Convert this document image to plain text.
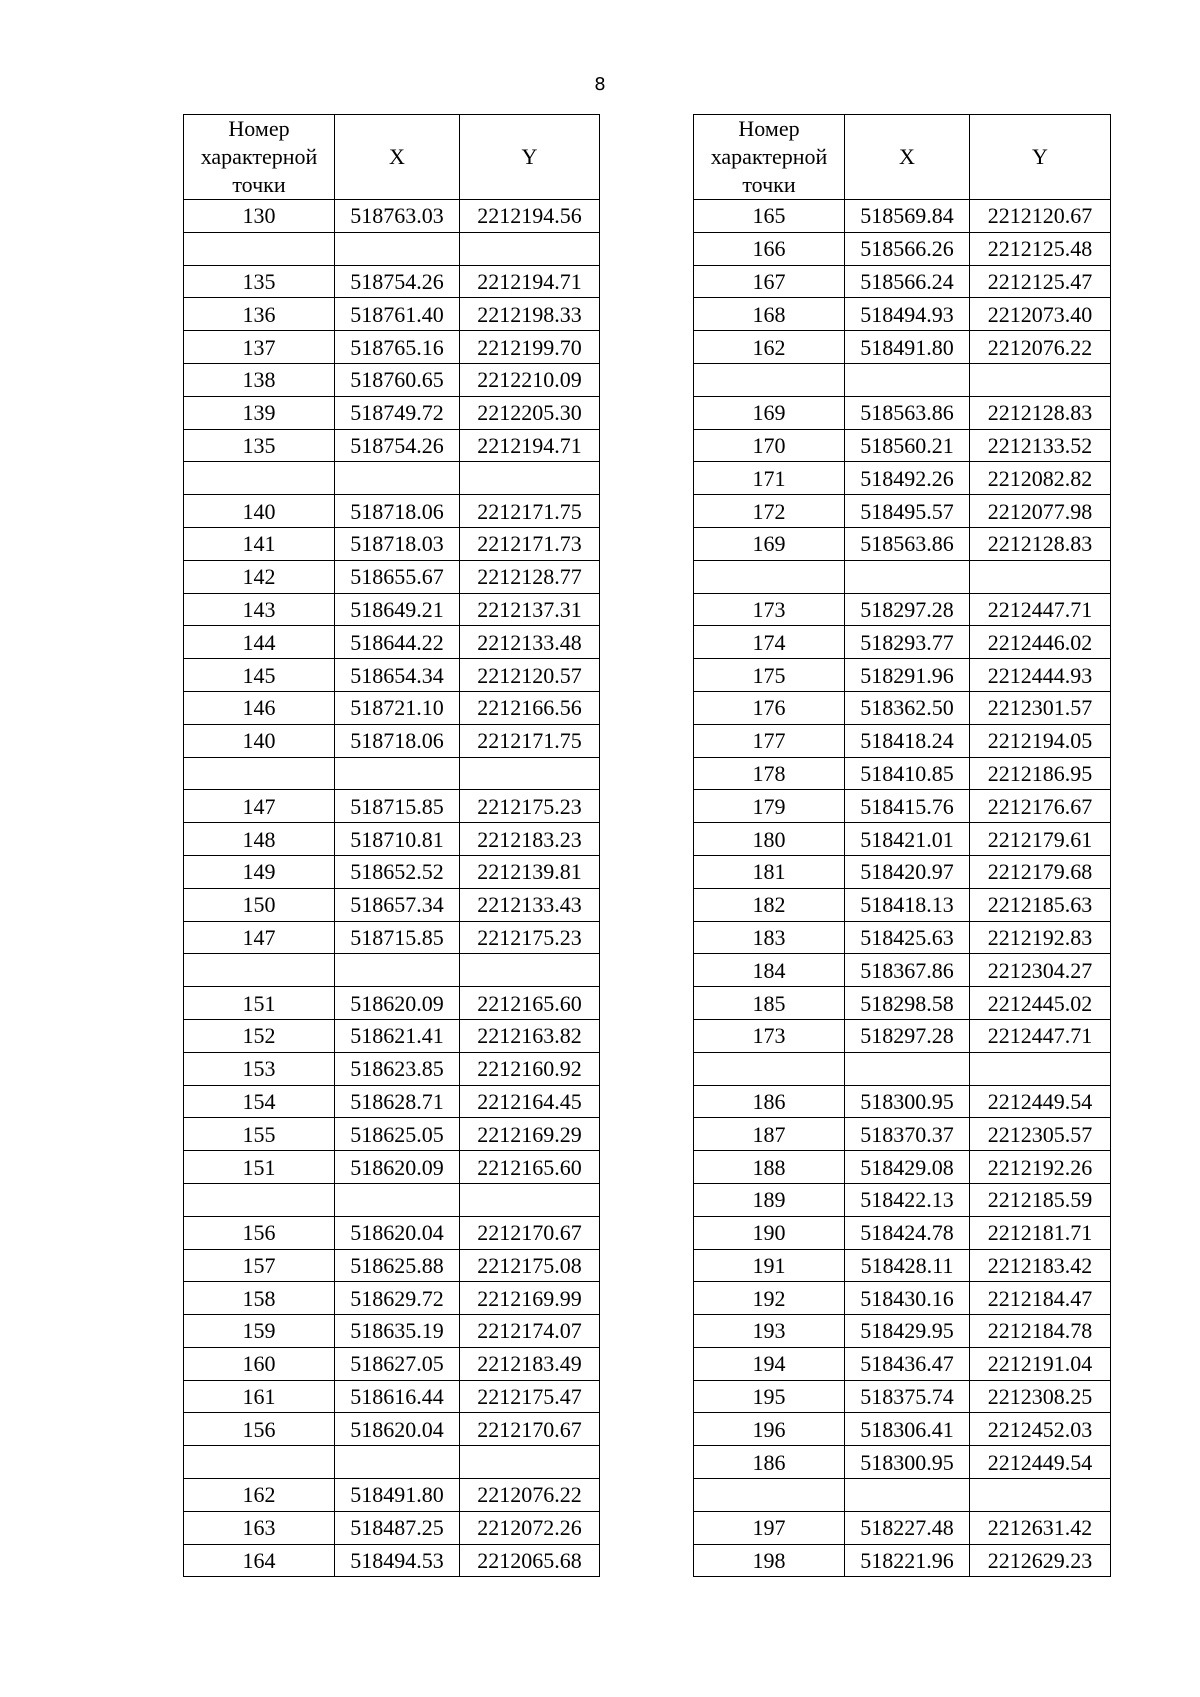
8
Номер характерной точки	X	Y
130	518763.03	2212194.56

135	518754.26	2212194.71
136	518761.40	2212198.33
137	518765.16	2212199.70
138	518760.65	2212210.09
139	518749.72	2212205.30
135	518754.26	2212194.71

140	518718.06	2212171.75
141	518718.03	2212171.73
142	518655.67	2212128.77
143	518649.21	2212137.31
144	518644.22	2212133.48
145	518654.34	2212120.57
146	518721.10	2212166.56
140	518718.06	2212171.75

147	518715.85	2212175.23
148	518710.81	2212183.23
149	518652.52	2212139.81
150	518657.34	2212133.43
147	518715.85	2212175.23

151	518620.09	2212165.60
152	518621.41	2212163.82
153	518623.85	2212160.92
154	518628.71	2212164.45
155	518625.05	2212169.29
151	518620.09	2212165.60

156	518620.04	2212170.67
157	518625.88	2212175.08
158	518629.72	2212169.99
159	518635.19	2212174.07
160	518627.05	2212183.49
161	518616.44	2212175.47
156	518620.04	2212170.67

162	518491.80	2212076.22
163	518487.25	2212072.26
164	518494.53	2212065.68
Номер характерной точки	X	Y
165	518569.84	2212120.67
166	518566.26	2212125.48
167	518566.24	2212125.47
168	518494.93	2212073.40
162	518491.80	2212076.22

169	518563.86	2212128.83
170	518560.21	2212133.52
171	518492.26	2212082.82
172	518495.57	2212077.98
169	518563.86	2212128.83

173	518297.28	2212447.71
174	518293.77	2212446.02
175	518291.96	2212444.93
176	518362.50	2212301.57
177	518418.24	2212194.05
178	518410.85	2212186.95
179	518415.76	2212176.67
180	518421.01	2212179.61
181	518420.97	2212179.68
182	518418.13	2212185.63
183	518425.63	2212192.83
184	518367.86	2212304.27
185	518298.58	2212445.02
173	518297.28	2212447.71

186	518300.95	2212449.54
187	518370.37	2212305.57
188	518429.08	2212192.26
189	518422.13	2212185.59
190	518424.78	2212181.71
191	518428.11	2212183.42
192	518430.16	2212184.47
193	518429.95	2212184.78
194	518436.47	2212191.04
195	518375.74	2212308.25
196	518306.41	2212452.03
186	518300.95	2212449.54

197	518227.48	2212631.42
198	518221.96	2212629.23
